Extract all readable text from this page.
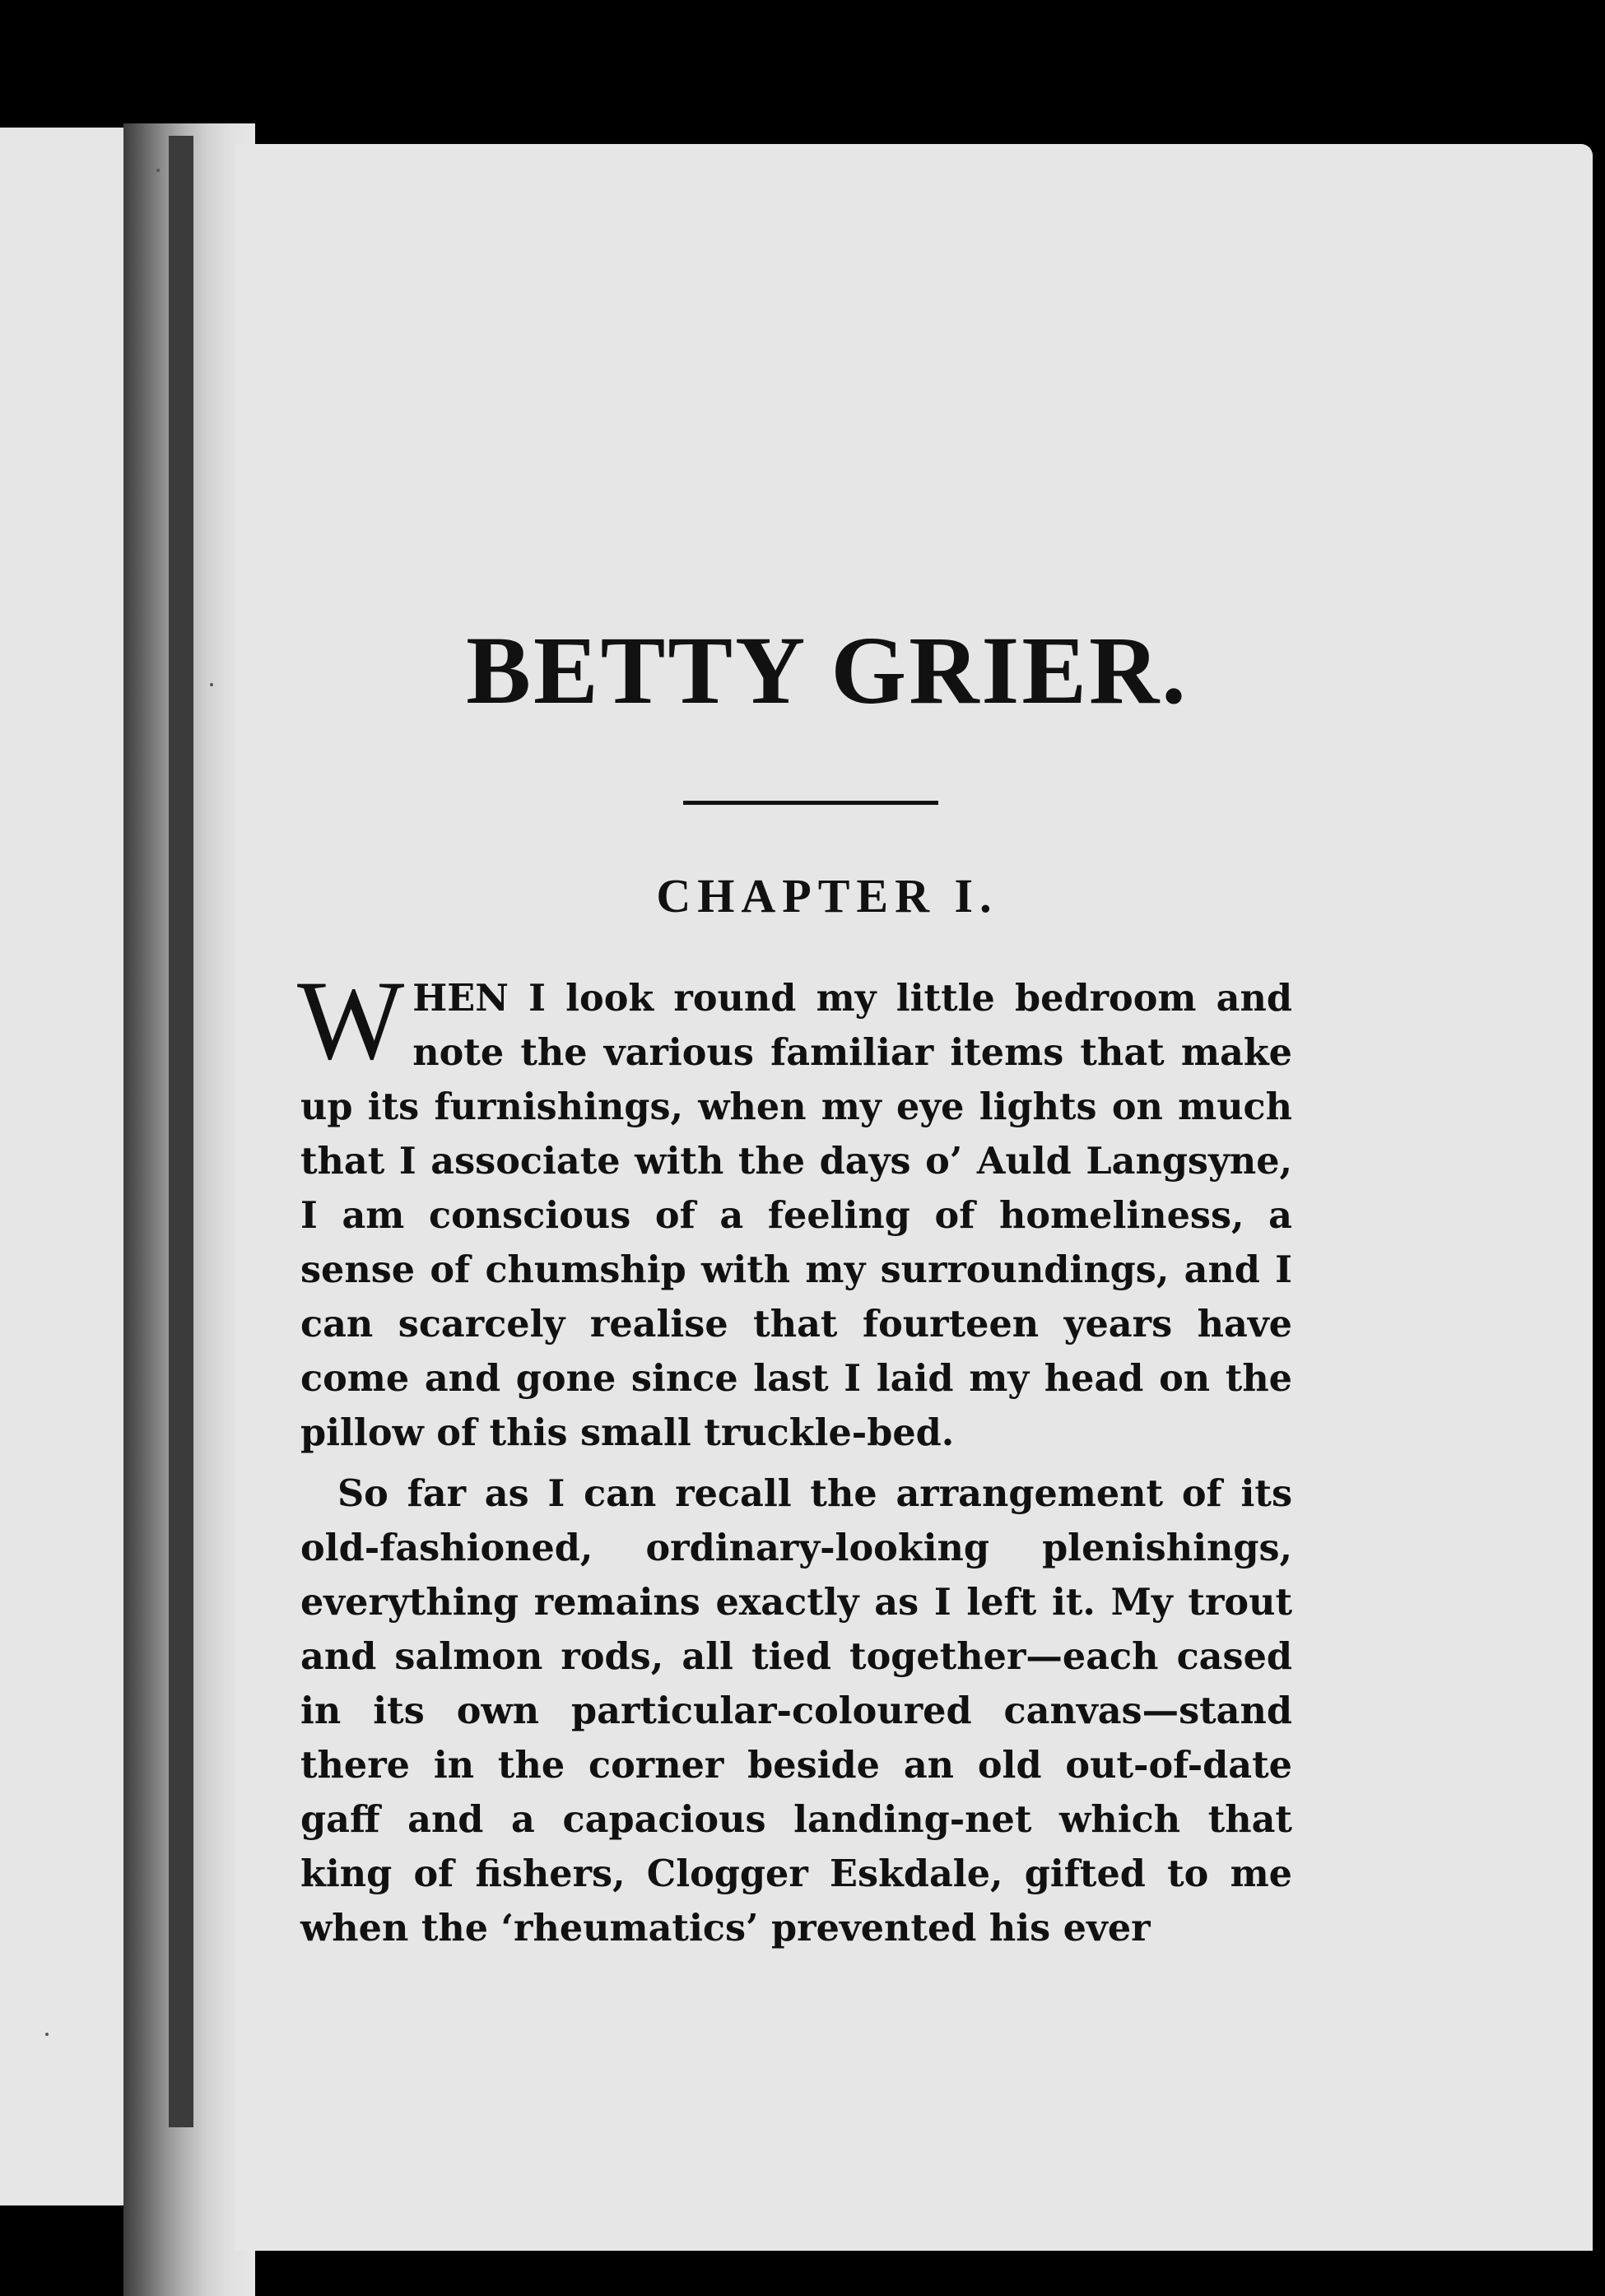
BETTY GRIER.
CHAPTER I.

WHEN I look round my little bedroom and note the various familiar items that make up its furnishings, when my eye lights on much that I associate with the days o’ Auld Langsyne, I am conscious of a feeling of homeliness, a sense of chumship with my surroundings, and I can scarcely realise that fourteen years have come and gone since last I laid my head on the pillow of this small truckle-bed.

So far as I can recall the arrangement of its old-fashioned, ordinary-looking plenishings, everything remains exactly as I left it. My trout and salmon rods, all tied together—each cased in its own particular-coloured canvas—stand there in the corner beside an old out-of-date gaff and a capacious landing-net which that king of fishers, Clogger Eskdale, gifted to me when the ‘rheumatics’ prevented his ever
